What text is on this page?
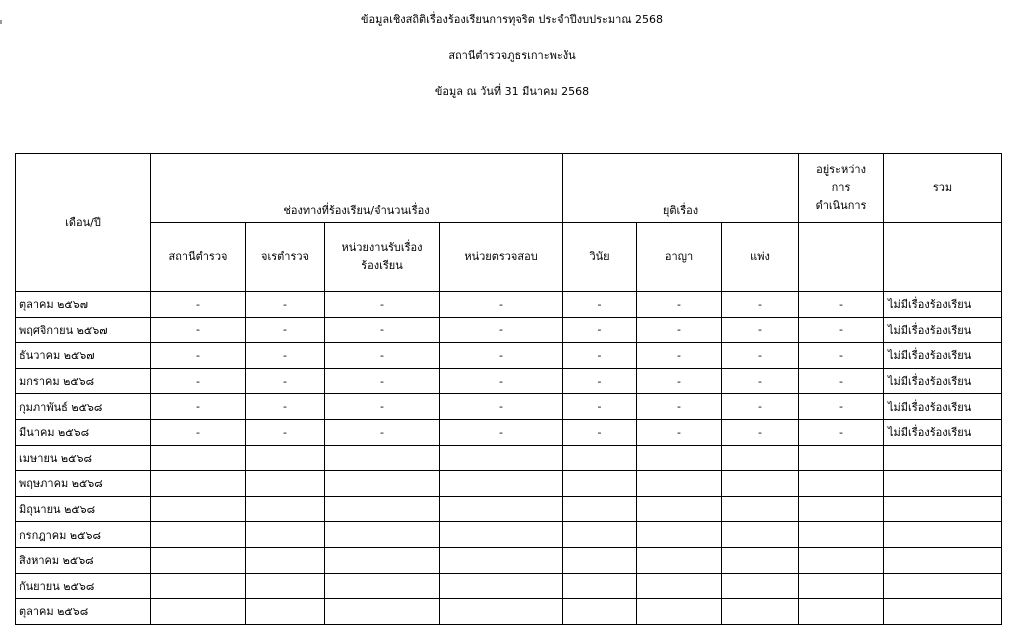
ข้อมูลเชิงสถิติเรื่องร้องเรียนการทุจริต ประจำปีงบประมาณ 2568
สถานีตำรวจภูธรเกาะพะงัน
ข้อมูล ณ วันที่ 31 มีนาคม 2568
เดือน/ปี	ช่องทางที่ร้องเรียน/จำนวนเรื่อง				ยุติเรื่อง			อยู่ระหว่าง
การ
ดำเนินการ	รวม
	สถานีตำรวจ	จเรตำรวจ	หน่วยงานรับเรื่อง
ร้องเรียน	หน่วยตรวจสอบ	วินัย	อาญา	แพ่ง		
ตุลาคม ๒๕๖๗	-	-	-	-	-	-	-	-	ไม่มีเรื่องร้องเรียน
พฤศจิกายน ๒๕๖๗	-	-	-	-	-	-	-	-	ไม่มีเรื่องร้องเรียน
ธันวาคม ๒๕๖๗	-	-	-	-	-	-	-	-	ไม่มีเรื่องร้องเรียน
มกราคม ๒๕๖๘	-	-	-	-	-	-	-	-	ไม่มีเรื่องร้องเรียน
กุมภาพันธ์ ๒๕๖๘	-	-	-	-	-	-	-	-	ไม่มีเรื่องร้องเรียน
มีนาคม ๒๕๖๘	-	-	-	-	-	-	-	-	ไม่มีเรื่องร้องเรียน
เมษายน ๒๕๖๘									
พฤษภาคม ๒๕๖๘									
มิถุนายน ๒๕๖๘									
กรกฎาคม ๒๕๖๘									
สิงหาคม ๒๕๖๘									
กันยายน ๒๕๖๘									
ตุลาคม ๒๕๖๘									
